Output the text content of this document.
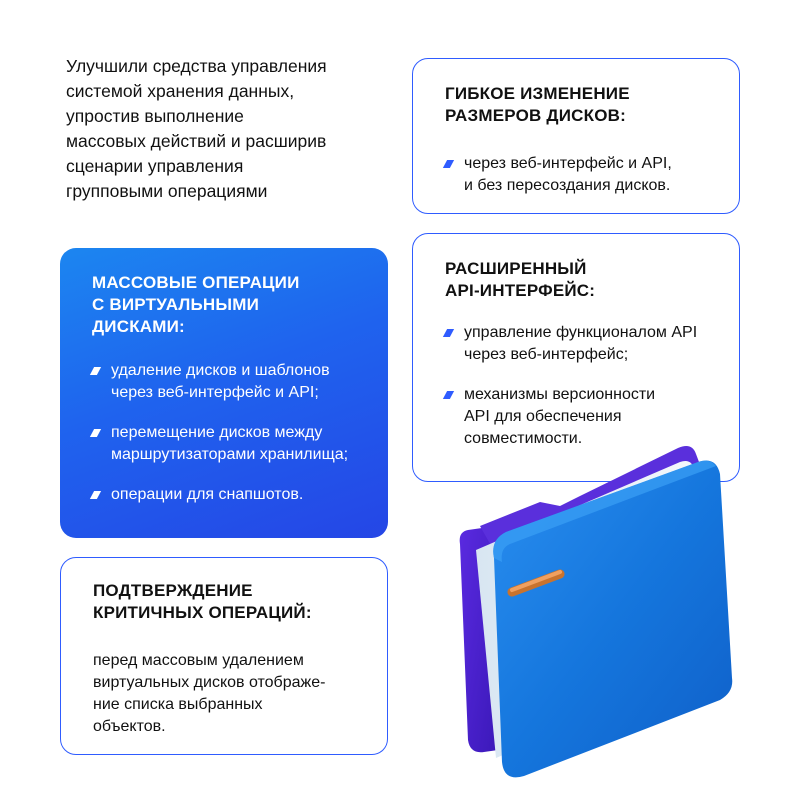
Улучшили средства управления
системой хранения данных,
упростив выполнение
массовых действий и расширив
сценарии управления
групповыми операциями
ГИБКОЕ ИЗМЕНЕНИЕ
РАЗМЕРОВ ДИСКОВ:
через веб-интерфейс и API,
и без пересоздания дисков.
РАСШИРЕННЫЙ
API-ИНТЕРФЕЙС:
управление функционалом API
через веб-интерфейс;
механизмы версионности
API для обеспечения
совместимости.
МАССОВЫЕ ОПЕРАЦИИ
С ВИРТУАЛЬНЫМИ
ДИСКАМИ:
удаление дисков и шаблонов
через веб-интерфейс и API;
перемещение дисков между
маршрутизаторами хранилища;
операции для снапшотов.
ПОДТВЕРЖДЕНИЕ
КРИТИЧНЫХ ОПЕРАЦИЙ:
перед массовым удалением
виртуальных дисков отображе-
ние списка выбранных
объектов.
